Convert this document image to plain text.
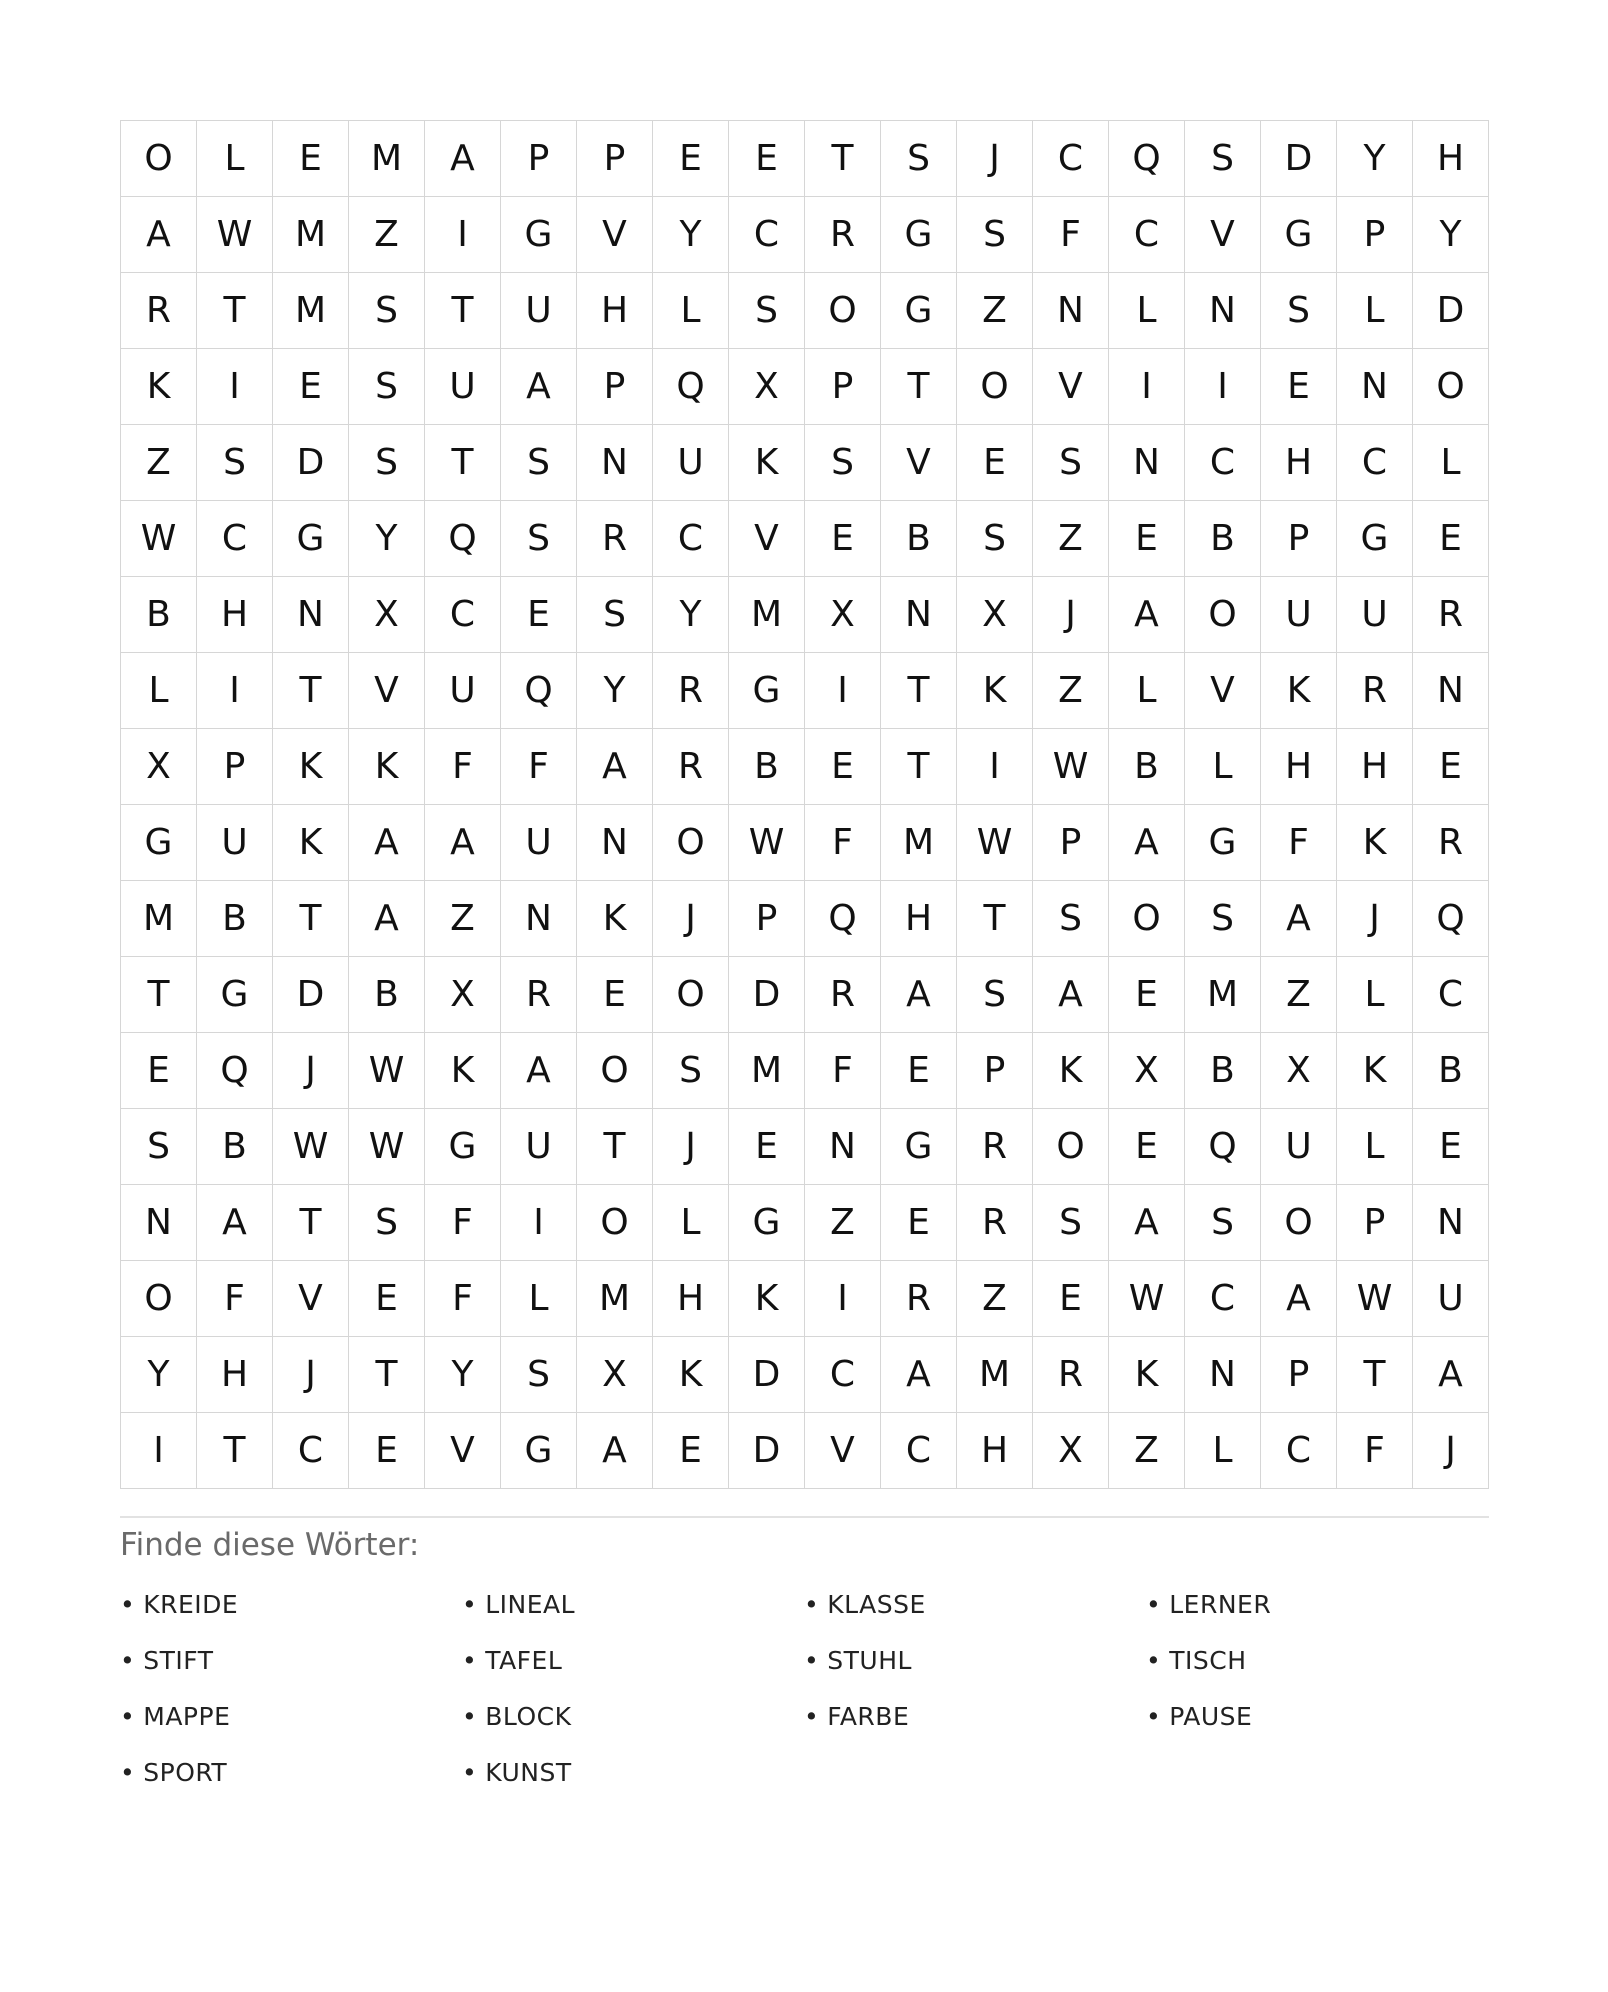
O	L	E	M	A	P	P	E	E	T	S	J	C	Q	S	D	Y	H
A	W	M	Z	I	G	V	Y	C	R	G	S	F	C	V	G	P	Y
R	T	M	S	T	U	H	L	S	O	G	Z	N	L	N	S	L	D
K	I	E	S	U	A	P	Q	X	P	T	O	V	I	I	E	N	O
Z	S	D	S	T	S	N	U	K	S	V	E	S	N	C	H	C	L
W	C	G	Y	Q	S	R	C	V	E	B	S	Z	E	B	P	G	E
B	H	N	X	C	E	S	Y	M	X	N	X	J	A	O	U	U	R
L	I	T	V	U	Q	Y	R	G	I	T	K	Z	L	V	K	R	N
X	P	K	K	F	F	A	R	B	E	T	I	W	B	L	H	H	E
G	U	K	A	A	U	N	O	W	F	M	W	P	A	G	F	K	R
M	B	T	A	Z	N	K	J	P	Q	H	T	S	O	S	A	J	Q
T	G	D	B	X	R	E	O	D	R	A	S	A	E	M	Z	L	C
E	Q	J	W	K	A	O	S	M	F	E	P	K	X	B	X	K	B
S	B	W	W	G	U	T	J	E	N	G	R	O	E	Q	U	L	E
N	A	T	S	F	I	O	L	G	Z	E	R	S	A	S	O	P	N
O	F	V	E	F	L	M	H	K	I	R	Z	E	W	C	A	W	U
Y	H	J	T	Y	S	X	K	D	C	A	M	R	K	N	P	T	A
I	T	C	E	V	G	A	E	D	V	C	H	X	Z	L	C	F	J
Finde diese Wörter:
• KREIDE	• LINEAL	• KLASSE	• LERNER
• STIFT	• TAFEL	• STUHL	• TISCH
• MAPPE	• BLOCK	• FARBE	• PAUSE
• SPORT	• KUNST
